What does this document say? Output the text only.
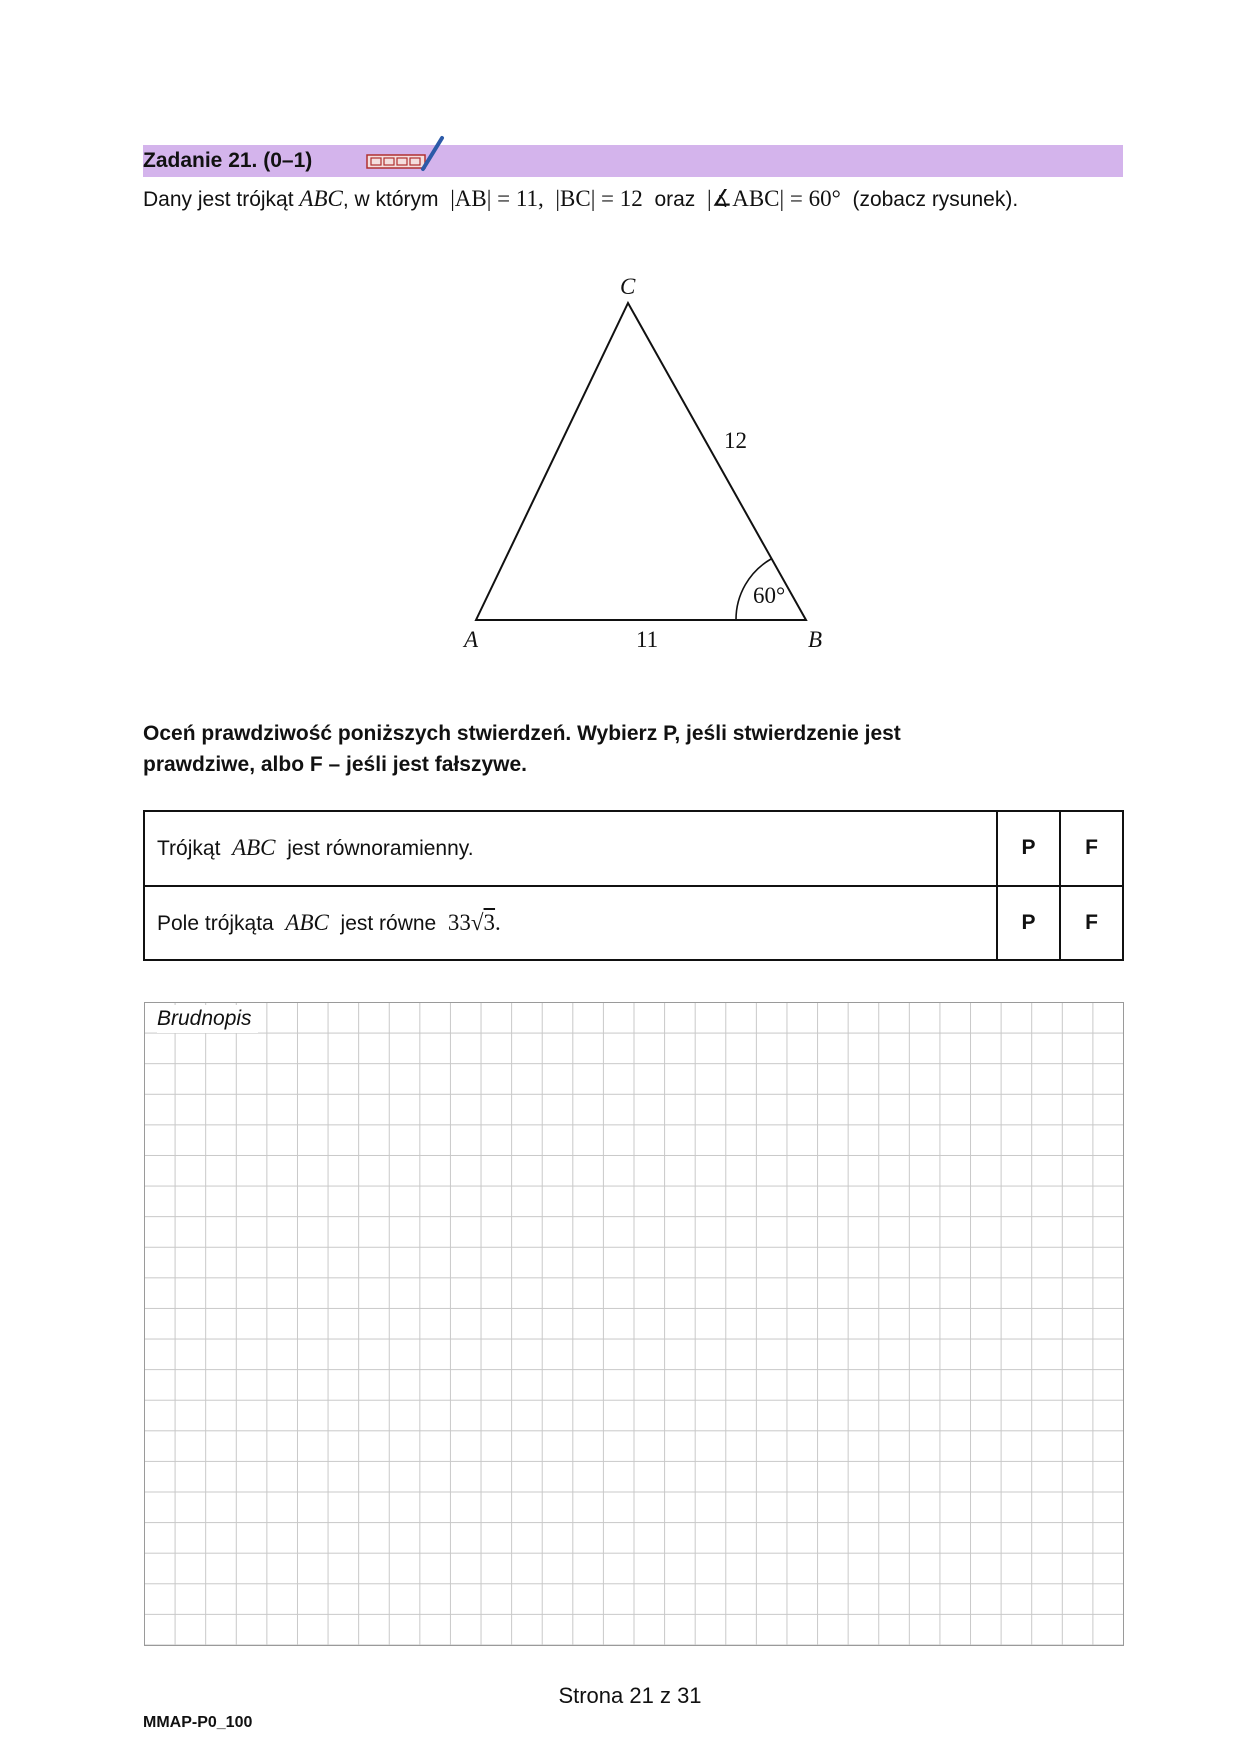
Zadanie 21. (0–1)
Dany jest trójkąt ABC, w którym |AB| = 11, |BC| = 12 oraz |∡ABC| = 60° (zobacz rysunek).
A	B
C
11
12
60°
Oceń prawdziwość poniższych stwierdzeń. Wybierz P, jeśli stwierdzenie jest
prawdziwe, albo F – jeśli jest fałszywe.
Trójkąt ABC jest równoramienny.	P	F
Pole trójkąta ABC jest równe 33√3.	P	F
Brudnopis
Strona 21 z 31
MMAP-P0_100
